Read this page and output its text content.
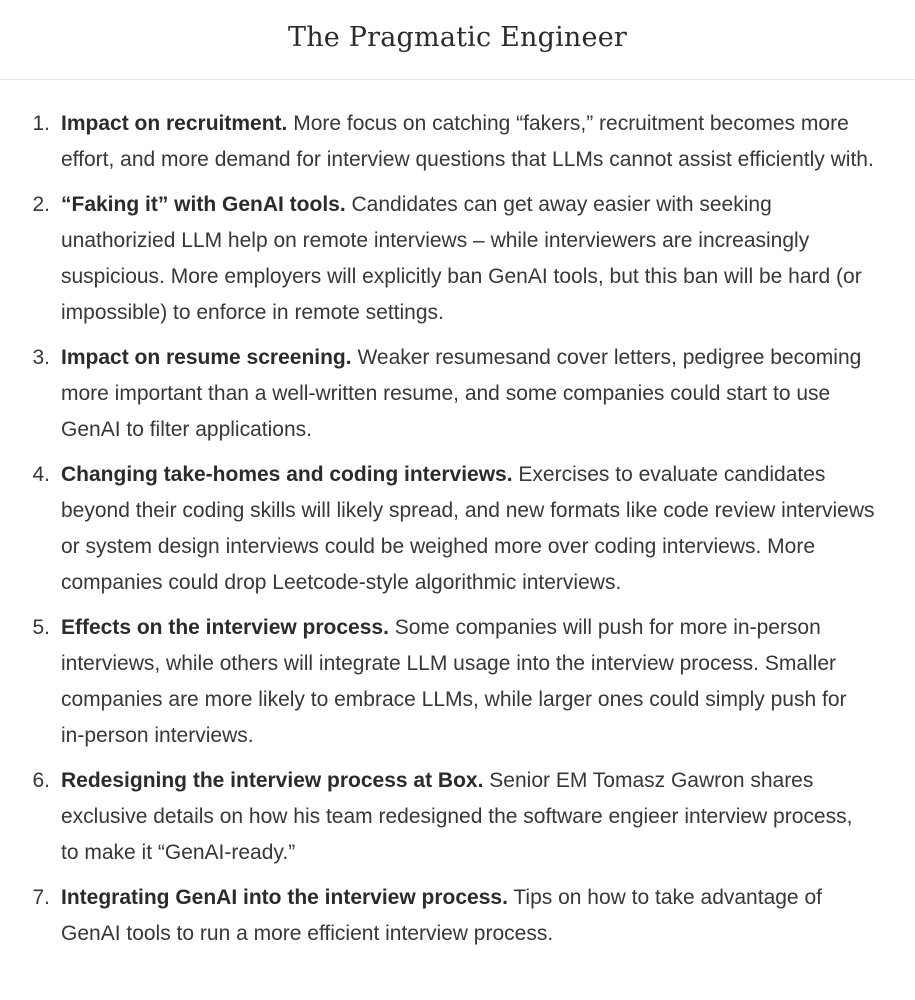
The Pragmatic Engineer
1. Impact on recruitment. More focus on catching “fakers,” recruitment becomes more effort, and more demand for interview questions that LLMs cannot assist efficiently with.
2. “Faking it” with GenAI tools. Candidates can get away easier with seeking unathorizied LLM help on remote interviews – while interviewers are increasingly suspicious. More employers will explicitly ban GenAI tools, but this ban will be hard (or impossible) to enforce in remote settings.
3. Impact on resume screening. Weaker resumesand cover letters, pedigree becoming more important than a well-written resume, and some companies could start to use GenAI to filter applications.
4. Changing take-homes and coding interviews. Exercises to evaluate candidates beyond their coding skills will likely spread, and new formats like code review interviews or system design interviews could be weighed more over coding interviews. More companies could drop Leetcode-style algorithmic interviews.
5. Effects on the interview process. Some companies will push for more in-person interviews, while others will integrate LLM usage into the interview process. Smaller companies are more likely to embrace LLMs, while larger ones could simply push for in-person interviews.
6. Redesigning the interview process at Box. Senior EM Tomasz Gawron shares exclusive details on how his team redesigned the software engieer interview process, to make it “GenAI-ready.”
7. Integrating GenAI into the interview process. Tips on how to take advantage of GenAI tools to run a more efficient interview process.
